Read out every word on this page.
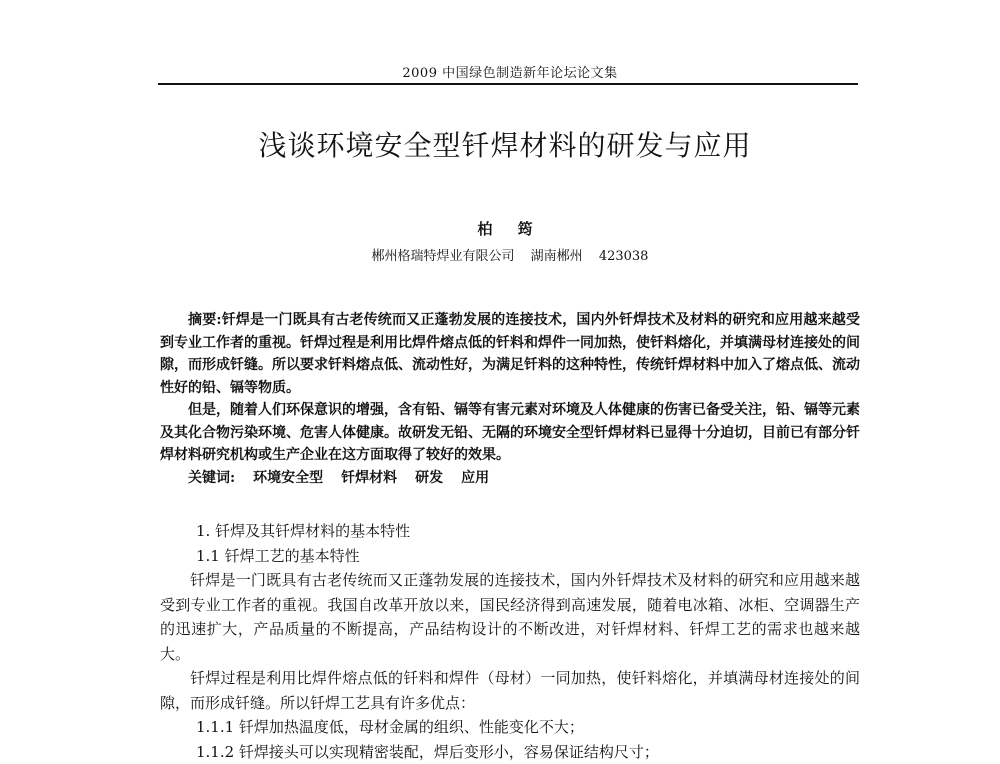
2009 中国绿色制造新年论坛论文集
浅谈环境安全型钎焊材料的研发与应用
柏 筠
郴州格瑞特焊业有限公司 湖南郴州 423038

摘要:钎焊是一门既具有古老传统而又正蓬勃发展的连接技术，国内外钎焊技术及材料的研究和应用越来越受到专业工作者的重视。钎焊过程是利用比焊件熔点低的钎料和焊件一同加热，使钎料熔化，并填满母材连接处的间隙，而形成钎缝。所以要求钎料熔点低、流动性好，为满足钎料的这种特性，传统钎焊材料中加入了熔点低、流动性好的铅、镉等物质。

但是，随着人们环保意识的增强，含有铅、镉等有害元素对环境及人体健康的伤害已备受关注，铅、镉等元素及其化合物污染环境、危害人体健康。故研发无铅、无隔的环境安全型钎焊材料已显得十分迫切，目前已有部分钎焊材料研究机构或生产企业在这方面取得了较好的效果。

关键词: 环境安全型 钎焊材料 研发 应用

1. 钎焊及其钎焊材料的基本特性

1.1 钎焊工艺的基本特性

钎焊是一门既具有古老传统而又正蓬勃发展的连接技术，国内外钎焊技术及材料的研究和应用越来越受到专业工作者的重视。我国自改革开放以来，国民经济得到高速发展，随着电冰箱、冰柜、空调器生产的迅速扩大，产品质量的不断提高，产品结构设计的不断改进，对钎焊材料、钎焊工艺的需求也越来越大。

钎焊过程是利用比焊件熔点低的钎料和焊件（母材）一同加热，使钎料熔化，并填满母材连接处的间隙，而形成钎缝。所以钎焊工艺具有许多优点：

1.1.1 钎焊加热温度低，母材金属的组织、性能变化不大；

1.1.2 钎焊接头可以实现精密装配，焊后变形小，容易保证结构尺寸；
